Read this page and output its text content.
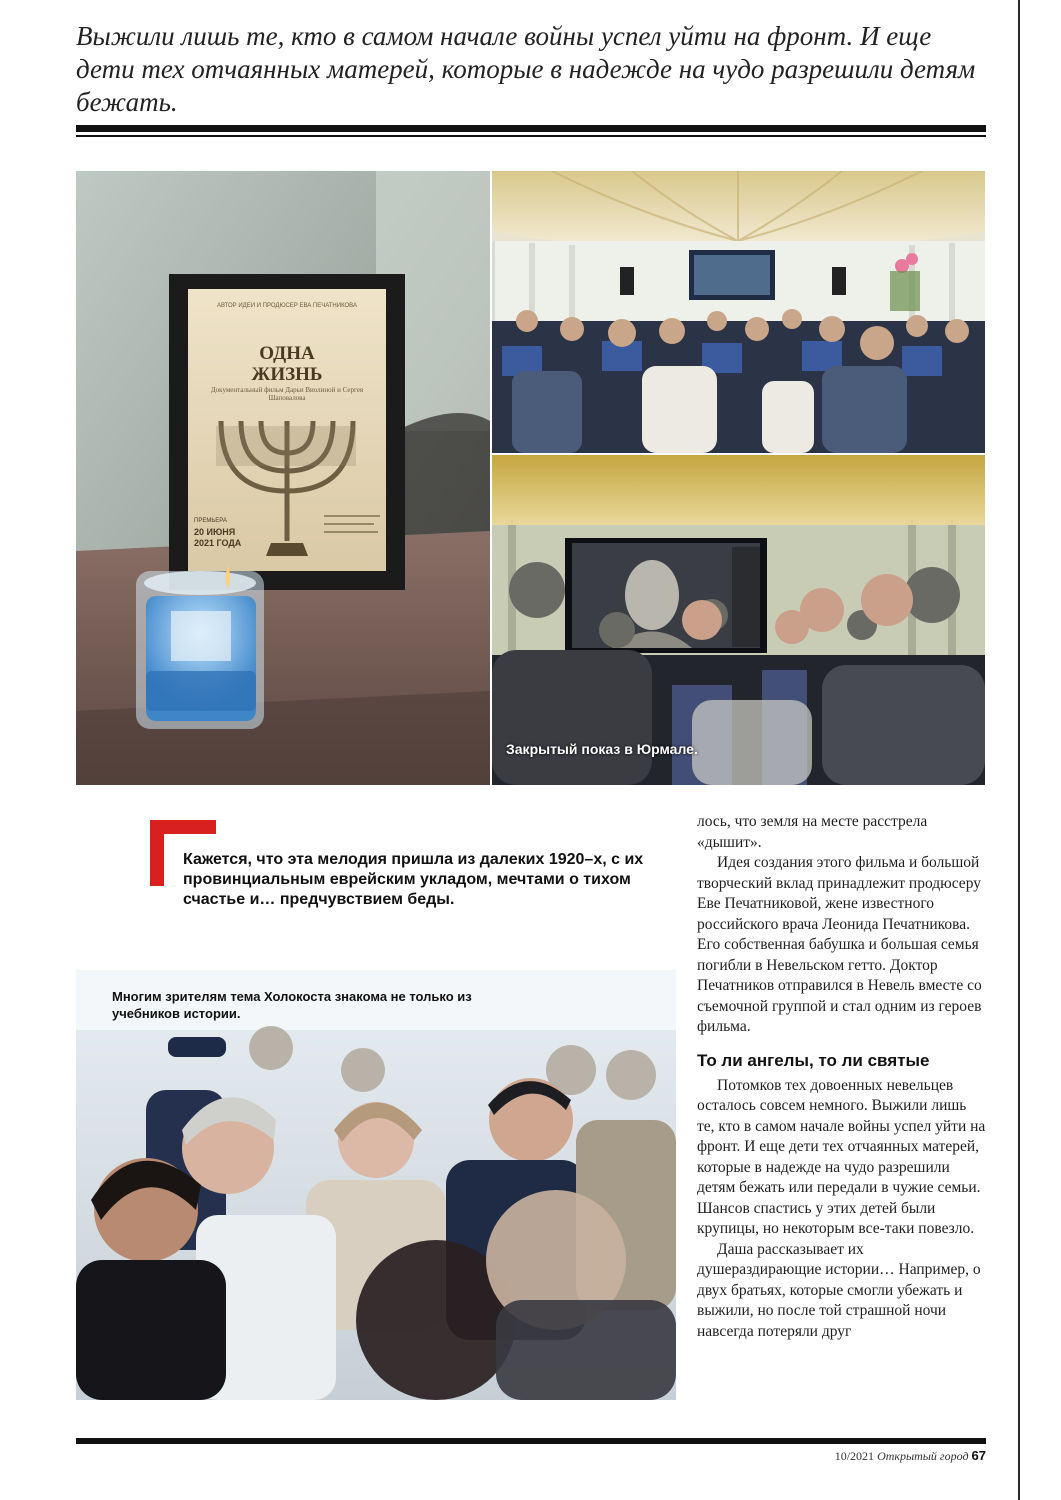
Выжили лишь те, кто в самом начале войны успел уйти на фронт. И еще дети тех отчаянных матерей, которые в надежде на чудо разрешили детям бежать.

АВТОР ИДЕИ И ПРОДЮСЕР ЕВА ПЕЧАТНИКОВА
ОДНА
ЖИЗНЬ
Документальный фильм Дарьи Виолиной и Сергея Шаповалова
ПРЕМЬЕРА
20 ИЮНЯ
2021 ГОДА

Закрытый показ в Юрмале.

Многим зрителям тема Холокоста знакома не только из учебников истории.

Кажется, что эта мелодия пришла из далеких 1920–х, с их провинциальным еврейским укладом, мечтами о тихом счастье и… предчувствием беды.

лось, что земля на месте расстрела «дышит».

Идея создания этого фильма и большой творческий вклад принадлежит продюсеру Еве Печатниковой, жене известного российского врача Леонида Печатникова. Его собственная бабушка и большая семья погибли в Невельском гетто. Доктор Печатников отправился в Невель вместе со съемочной группой и стал одним из героев фильма.

То ли ангелы, то ли святые

Потомков тех довоенных невельцев осталось совсем немного. Выжили лишь те, кто в самом начале войны успел уйти на фронт. И еще дети тех отчаянных матерей, которые в надежде на чудо разрешили детям бежать или передали в чужие семьи. Шансов спастись у этих детей были крупицы, но некоторым все-таки повезло.

Даша рассказывает их душераздирающие истории… Например, о двух братьях, которые смогли убежать и выжили, но после той страшной ночи навсегда потеряли друг

10/2021 Открытый город 67
